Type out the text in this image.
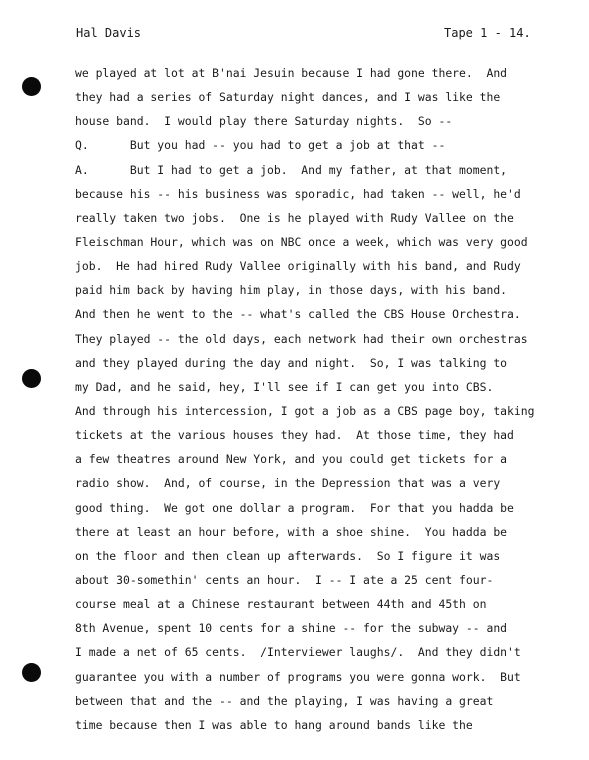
Hal Davis	Tape 1 - 14.
we played at lot at B'nai Jesuin because I had gone there.  And
they had a series of Saturday night dances, and I was like the
house band.  I would play there Saturday nights.  So --
Q.      But you had -- you had to get a job at that --
A.      But I had to get a job.  And my father, at that moment,
because his -- his business was sporadic, had taken -- well, he'd
really taken two jobs.  One is he played with Rudy Vallee on the
Fleischman Hour, which was on NBC once a week, which was very good
job.  He had hired Rudy Vallee originally with his band, and Rudy
paid him back by having him play, in those days, with his band.
And then he went to the -- what's called the CBS House Orchestra.
They played -- the old days, each network had their own orchestras
and they played during the day and night.  So, I was talking to
my Dad, and he said, hey, I'll see if I can get you into CBS.
And through his intercession, I got a job as a CBS page boy, taking
tickets at the various houses they had.  At those time, they had
a few theatres around New York, and you could get tickets for a
radio show.  And, of course, in the Depression that was a very
good thing.  We got one dollar a program.  For that you hadda be
there at least an hour before, with a shoe shine.  You hadda be
on the floor and then clean up afterwards.  So I figure it was
about 30-somethin' cents an hour.  I -- I ate a 25 cent four-
course meal at a Chinese restaurant between 44th and 45th on
8th Avenue, spent 10 cents for a shine -- for the subway -- and
I made a net of 65 cents.  /Interviewer laughs/.  And they didn't
guarantee you with a number of programs you were gonna work.  But
between that and the -- and the playing, I was having a great
time because then I was able to hang around bands like the
